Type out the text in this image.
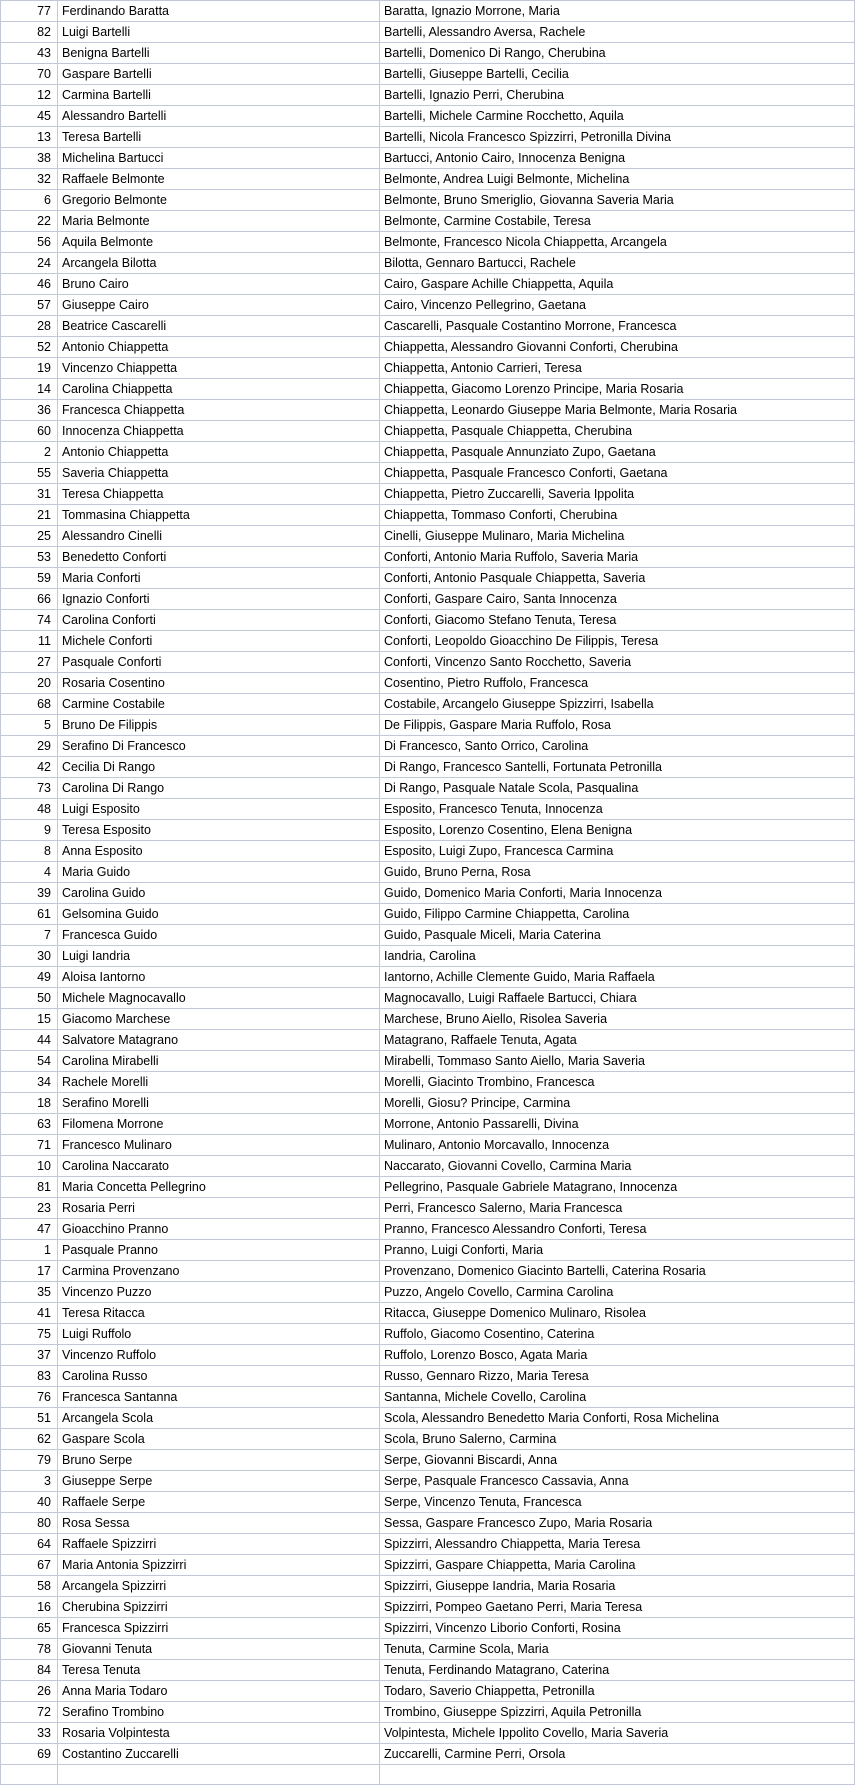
77	Ferdinando Baratta	Baratta, Ignazio Morrone, Maria
82	Luigi Bartelli	Bartelli, Alessandro Aversa, Rachele
43	Benigna Bartelli	Bartelli, Domenico Di Rango, Cherubina
70	Gaspare Bartelli	Bartelli, Giuseppe Bartelli, Cecilia
12	Carmina Bartelli	Bartelli, Ignazio Perri, Cherubina
45	Alessandro Bartelli	Bartelli, Michele Carmine Rocchetto, Aquila
13	Teresa Bartelli	Bartelli, Nicola Francesco Spizzirri, Petronilla Divina
38	Michelina Bartucci	Bartucci, Antonio Cairo, Innocenza Benigna
32	Raffaele Belmonte	Belmonte, Andrea Luigi Belmonte, Michelina
6	Gregorio Belmonte	Belmonte, Bruno Smeriglio, Giovanna Saveria Maria
22	Maria Belmonte	Belmonte, Carmine Costabile, Teresa
56	Aquila Belmonte	Belmonte, Francesco Nicola Chiappetta, Arcangela
24	Arcangela Bilotta	Bilotta, Gennaro Bartucci, Rachele
46	Bruno Cairo	Cairo, Gaspare Achille Chiappetta, Aquila
57	Giuseppe Cairo	Cairo, Vincenzo Pellegrino, Gaetana
28	Beatrice Cascarelli	Cascarelli, Pasquale Costantino Morrone, Francesca
52	Antonio Chiappetta	Chiappetta, Alessandro Giovanni Conforti, Cherubina
19	Vincenzo Chiappetta	Chiappetta, Antonio Carrieri, Teresa
14	Carolina Chiappetta	Chiappetta, Giacomo Lorenzo Principe, Maria Rosaria
36	Francesca Chiappetta	Chiappetta, Leonardo Giuseppe Maria Belmonte, Maria Rosaria
60	Innocenza Chiappetta	Chiappetta, Pasquale Chiappetta, Cherubina
2	Antonio Chiappetta	Chiappetta, Pasquale Annunziato Zupo, Gaetana
55	Saveria Chiappetta	Chiappetta, Pasquale Francesco Conforti, Gaetana
31	Teresa Chiappetta	Chiappetta, Pietro Zuccarelli, Saveria Ippolita
21	Tommasina Chiappetta	Chiappetta, Tommaso Conforti, Cherubina
25	Alessandro Cinelli	Cinelli, Giuseppe Mulinaro, Maria Michelina
53	Benedetto Conforti	Conforti, Antonio Maria Ruffolo, Saveria Maria
59	Maria Conforti	Conforti, Antonio Pasquale Chiappetta, Saveria
66	Ignazio Conforti	Conforti, Gaspare Cairo, Santa Innocenza
74	Carolina Conforti	Conforti, Giacomo Stefano Tenuta, Teresa
11	Michele Conforti	Conforti, Leopoldo Gioacchino De Filippis, Teresa
27	Pasquale Conforti	Conforti, Vincenzo Santo Rocchetto, Saveria
20	Rosaria Cosentino	Cosentino, Pietro Ruffolo, Francesca
68	Carmine Costabile	Costabile, Arcangelo Giuseppe Spizzirri, Isabella
5	Bruno De Filippis	De Filippis, Gaspare Maria Ruffolo, Rosa
29	Serafino Di Francesco	Di Francesco, Santo Orrico, Carolina
42	Cecilia Di Rango	Di Rango, Francesco Santelli, Fortunata Petronilla
73	Carolina Di Rango	Di Rango, Pasquale Natale Scola, Pasqualina
48	Luigi Esposito	Esposito, Francesco Tenuta, Innocenza
9	Teresa Esposito	Esposito, Lorenzo Cosentino, Elena Benigna
8	Anna Esposito	Esposito, Luigi Zupo, Francesca Carmina
4	Maria Guido	Guido, Bruno Perna, Rosa
39	Carolina Guido	Guido, Domenico Maria Conforti, Maria Innocenza
61	Gelsomina Guido	Guido, Filippo Carmine Chiappetta, Carolina
7	Francesca Guido	Guido, Pasquale Miceli, Maria Caterina
30	Luigi Iandria	Iandria, Carolina
49	Aloisa Iantorno	Iantorno, Achille Clemente Guido, Maria Raffaela
50	Michele Magnocavallo	Magnocavallo, Luigi Raffaele Bartucci, Chiara
15	Giacomo Marchese	Marchese, Bruno Aiello, Risolea Saveria
44	Salvatore Matagrano	Matagrano, Raffaele Tenuta, Agata
54	Carolina Mirabelli	Mirabelli, Tommaso Santo Aiello, Maria Saveria
34	Rachele Morelli	Morelli, Giacinto Trombino, Francesca
18	Serafino Morelli	Morelli, Giosu? Principe, Carmina
63	Filomena Morrone	Morrone, Antonio Passarelli, Divina
71	Francesco Mulinaro	Mulinaro, Antonio Morcavallo, Innocenza
10	Carolina Naccarato	Naccarato, Giovanni Covello, Carmina Maria
81	Maria Concetta Pellegrino	Pellegrino, Pasquale Gabriele Matagrano, Innocenza
23	Rosaria Perri	Perri, Francesco Salerno, Maria Francesca
47	Gioacchino Pranno	Pranno, Francesco Alessandro Conforti, Teresa
1	Pasquale Pranno	Pranno, Luigi Conforti, Maria
17	Carmina Provenzano	Provenzano, Domenico Giacinto Bartelli, Caterina Rosaria
35	Vincenzo Puzzo	Puzzo, Angelo Covello, Carmina Carolina
41	Teresa Ritacca	Ritacca, Giuseppe Domenico Mulinaro, Risolea
75	Luigi Ruffolo	Ruffolo, Giacomo Cosentino, Caterina
37	Vincenzo Ruffolo	Ruffolo, Lorenzo Bosco, Agata Maria
83	Carolina Russo	Russo, Gennaro Rizzo, Maria Teresa
76	Francesca Santanna	Santanna, Michele Covello, Carolina
51	Arcangela Scola	Scola, Alessandro Benedetto Maria Conforti, Rosa Michelina
62	Gaspare Scola	Scola, Bruno Salerno, Carmina
79	Bruno Serpe	Serpe, Giovanni Biscardi, Anna
3	Giuseppe Serpe	Serpe, Pasquale Francesco Cassavia, Anna
40	Raffaele Serpe	Serpe, Vincenzo Tenuta, Francesca
80	Rosa Sessa	Sessa, Gaspare Francesco Zupo, Maria Rosaria
64	Raffaele Spizzirri	Spizzirri, Alessandro Chiappetta, Maria Teresa
67	Maria Antonia Spizzirri	Spizzirri, Gaspare Chiappetta, Maria Carolina
58	Arcangela Spizzirri	Spizzirri, Giuseppe Iandria, Maria Rosaria
16	Cherubina Spizzirri	Spizzirri, Pompeo Gaetano Perri, Maria Teresa
65	Francesca Spizzirri	Spizzirri, Vincenzo Liborio Conforti, Rosina
78	Giovanni Tenuta	Tenuta, Carmine Scola, Maria
84	Teresa Tenuta	Tenuta, Ferdinando Matagrano, Caterina
26	Anna Maria Todaro	Todaro, Saverio Chiappetta, Petronilla
72	Serafino Trombino	Trombino, Giuseppe Spizzirri, Aquila Petronilla
33	Rosaria Volpintesta	Volpintesta, Michele Ippolito Covello, Maria Saveria
69	Costantino Zuccarelli	Zuccarelli, Carmine Perri, Orsola
